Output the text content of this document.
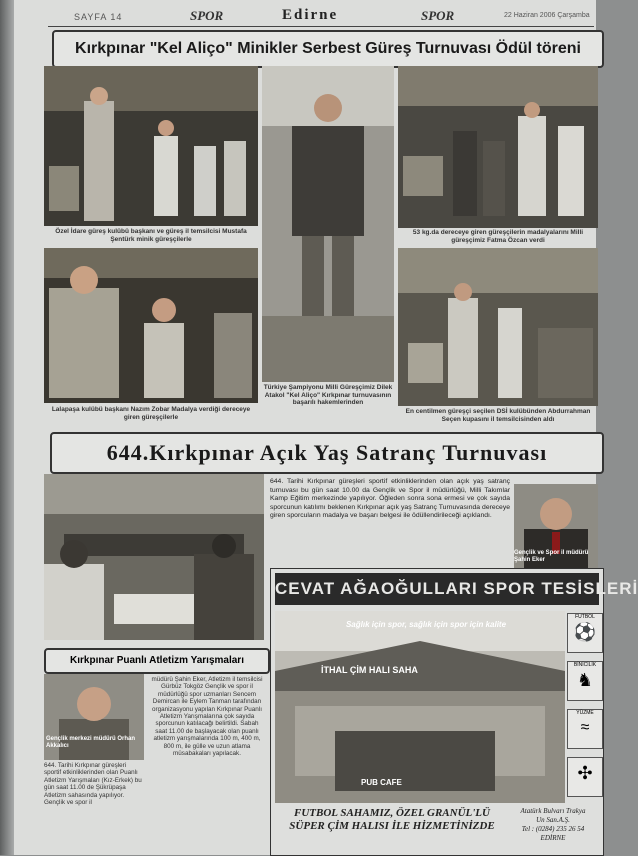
SAYFA 14	SPOR	Edirne	SPOR	22 Haziran 2006 Çarşamba
Kırkpınar "Kel Aliço" Minikler Serbest Güreş Turnuvası Ödül töreni
Özel İdare güreş kulübü başkanı ve güreş il temsilcisi Mustafa Şentürk minik güreşçilerle
Türkiye Şampiyonu Milli Güreşçimiz Dilek Atakol "Kel Aliço" Kırkpınar turnuvasının başarılı hakemlerinden
53 kg.da dereceye giren güreşçilerin madalyalarını Milli güreşçimiz Fatma Özcan verdi
Lalapaşa kulübü başkanı Nazım Zobar Madalya verdiği dereceye giren güreşçilerle
En centilmen güreşçi seçilen DSİ kulübünden Abdurrahman Seçen kupasını il temsilcisinden aldı
644.Kırkpınar Açık Yaş Satranç Turnuvası
644. Tarihi Kırkpınar güreşleri sportif etkinliklerinden olan açık yaş satranç turnuvası bu gün saat 10.00 da Gençlik ve Spor il müdürlüğü, Milli Takımlar Kamp Eğitim merkezinde yapılıyor. Öğleden sonra sona ermesi ve çok sayıda sporcunun katılımı beklenen Kırkpınar açık yaş Satranç Turnuvasında dereceye giren sporcuların madalya ve başarı belgesi ile ödüllendirileceği açıklandı.
Gençlik ve Spor il müdürü Şahin Eker
Kırkpınar Puanlı Atletizm Yarışmaları
Gençlik merkezi müdürü Orhan Akkalıcı
644. Tarihi Kırkpınar güreşleri sportif etkinliklerinden olan Puanlı Atletizm Yarışmaları (Kız-Erkek) bu gün saat 11.00 de Şükrüpaşa Atletizm sahasında yapılıyor. Gençlik ve spor il
müdürü Şahin Eker, Atletizm il temsilcisi Gürbüz Tokgöz Gençlik ve spor il müdürlüğü spor uzmanları Sencem Demircan ile Eylem Tanman tarafından organizasyonu yapılan Kırkpınar Puanlı Atletizm Yarışmalarına çok sayıda sporcunun katılacağı belirtildi. Sabah saat 11.00 de başlayacak olan puanlı atletizm yarışmalarında 100 m, 400 m, 800 m, ile gülle ve uzun atlama müsabakaları yapılacak.
CEVAT AĞAOĞULLARI SPOR TESİSLERİ
Sağlık için spor, sağlık için spor için kalite
İTHAL ÇİM HALI SAHA
PUB CAFE
FUTBOL
⚽
BİNİCİLİK
♞
YÜZME
≈
✣
FUTBOL SAHAMIZ, ÖZEL GRANÜL'LÜ SÜPER ÇİM HALISI İLE HİZMETİNİZDE
Atatürk Bulvarı Trakya
Un San.A.Ş.
Tel : (0284) 235 26 54
EDİRNE
